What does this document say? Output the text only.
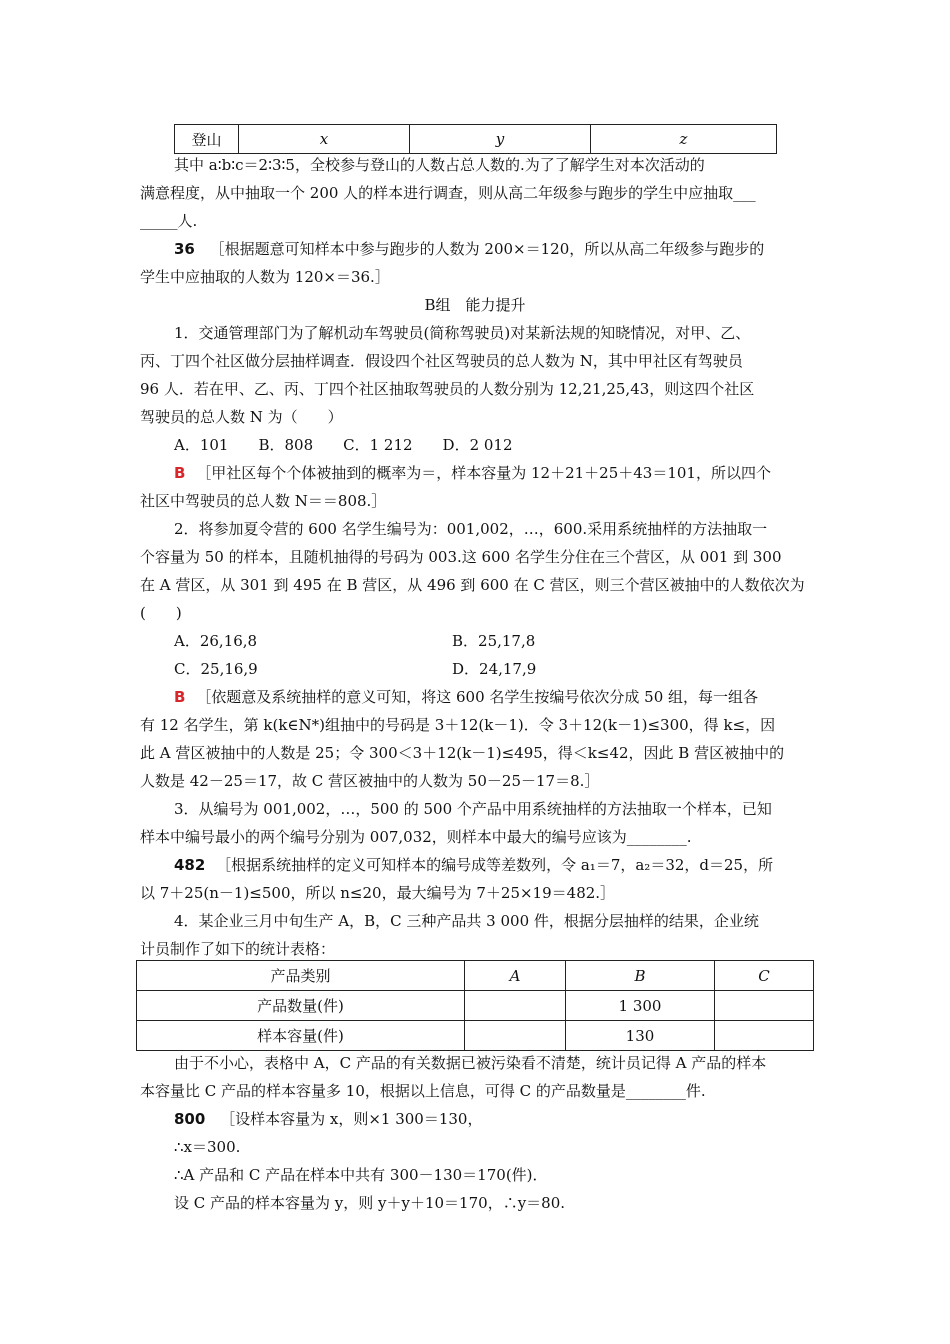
登山	x	y	z
其中 a∶b∶c＝2∶3∶5，全校参与登山的人数占总人数的.为了了解学生对本次活动的
满意程度，从中抽取一个 200 人的样本进行调查，则从高二年级参与跑步的学生中应抽取___
_____人.
36 ［根据题意可知样本中参与跑步的人数为 200×＝120，所以从高二年级参与跑步的
学生中应抽取的人数为 120×＝36.］
B组　能力提升
1．交通管理部门为了解机动车驾驶员(简称驾驶员)对某新法规的知晓情况，对甲、乙、
丙、丁四个社区做分层抽样调查．假设四个社区驾驶员的总人数为 N，其中甲社区有驾驶员
96 人．若在甲、乙、丙、丁四个社区抽取驾驶员的人数分别为 12,21,25,43，则这四个社区
驾驶员的总人数 N 为（　　）
A．101　　B．808　　C．1 212　　D．2 012
B ［甲社区每个个体被抽到的概率为＝，样本容量为 12＋21＋25＋43＝101，所以四个
社区中驾驶员的总人数 N＝＝808.］
2．将参加夏令营的 600 名学生编号为：001,002，…，600.采用系统抽样的方法抽取一
个容量为 50 的样本，且随机抽得的号码为 003.这 600 名学生分住在三个营区，从 001 到 300
在 A 营区，从 301 到 495 在 B 营区，从 496 到 600 在 C 营区，则三个营区被抽中的人数依次为
(　　)
A．26,16,8	B．25,17,8
C．25,16,9	D．24,17,9
B ［依题意及系统抽样的意义可知，将这 600 名学生按编号依次分成 50 组，每一组各
有 12 名学生，第 k(k∈N*)组抽中的号码是 3＋12(k－1)．令 3＋12(k－1)≤300，得 k≤，因
此 A 营区被抽中的人数是 25；令 300＜3＋12(k－1)≤495，得＜k≤42，因此 B 营区被抽中的
人数是 42－25＝17，故 C 营区被抽中的人数为 50－25－17＝8.］
3．从编号为 001,002，…，500 的 500 个产品中用系统抽样的方法抽取一个样本，已知
样本中编号最小的两个编号分别为 007,032，则样本中最大的编号应该为________.
482 ［根据系统抽样的定义可知样本的编号成等差数列，令 a₁＝7，a₂＝32，d＝25，所
以 7＋25(n－1)≤500，所以 n≤20，最大编号为 7＋25×19＝482.］
4．某企业三月中旬生产 A，B，C 三种产品共 3 000 件，根据分层抽样的结果，企业统
计员制作了如下的统计表格：
产品类别	A	B	C
产品数量(件)		1 300	
样本容量(件)		130	
由于不小心，表格中 A，C 产品的有关数据已被污染看不清楚，统计员记得 A 产品的样本
本容量比 C 产品的样本容量多 10，根据以上信息，可得 C 的产品数量是________件.
800 ［设样本容量为 x，则×1 300＝130，
∴x＝300.
∴A 产品和 C 产品在样本中共有 300－130＝170(件)．
设 C 产品的样本容量为 y，则 y＋y＋10＝170，∴y＝80.
